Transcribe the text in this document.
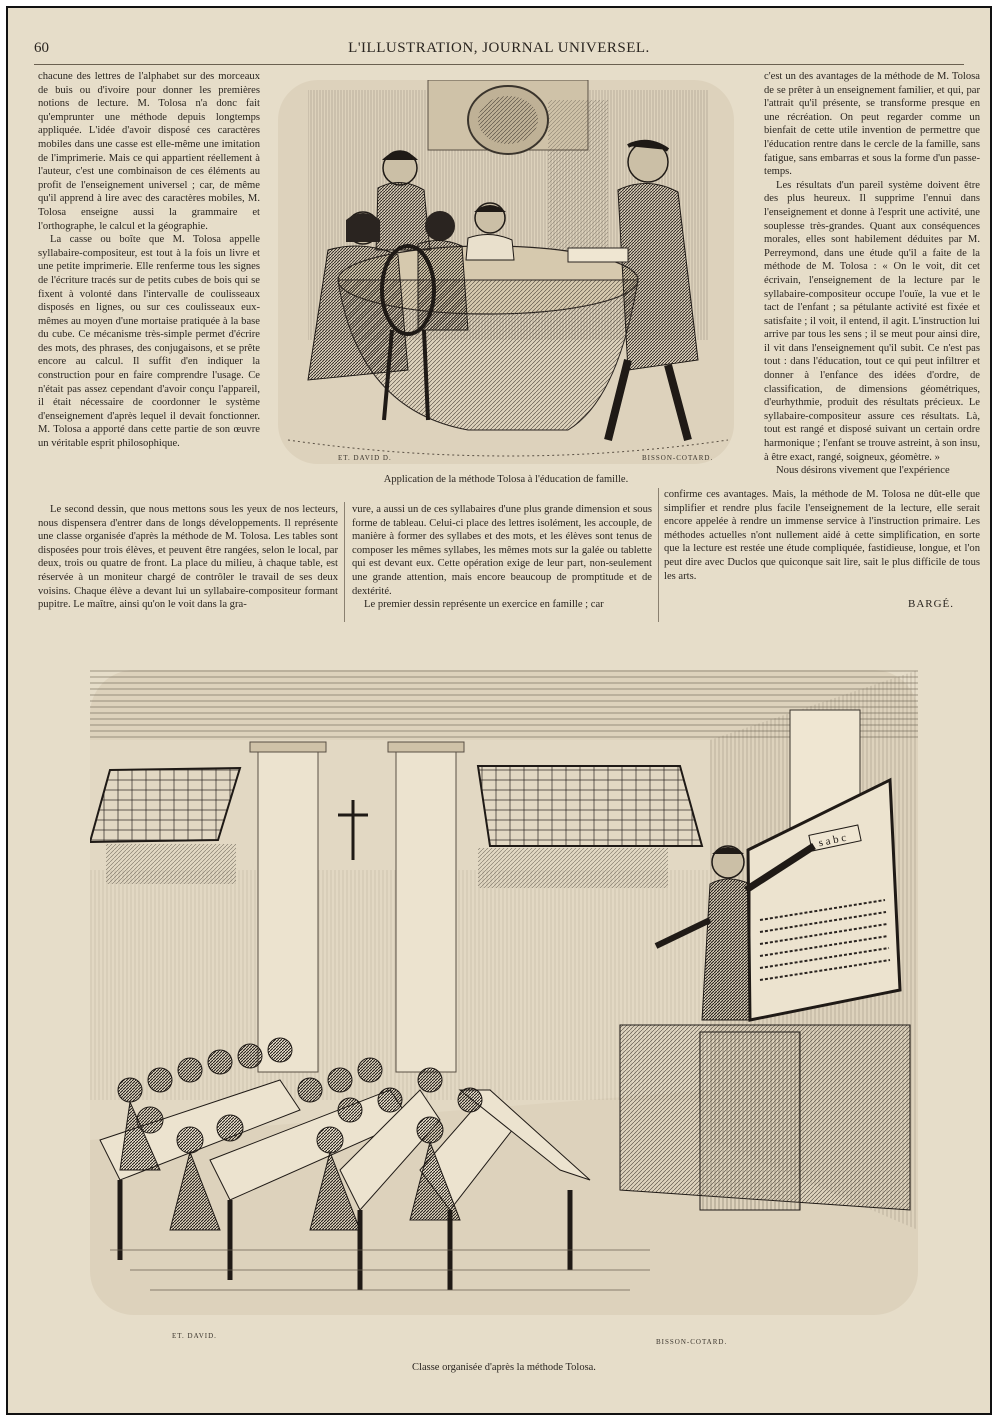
60	L'ILLUSTRATION, JOURNAL UNIVERSEL.

chacune des lettres de l'alphabet sur des morceaux de buis ou d'ivoire pour donner les premières notions de lecture. M. Tolosa n'a donc fait qu'emprunter une méthode depuis longtemps appliquée. L'idée d'avoir disposé ces caractères mobiles dans une casse est elle-même une imitation de l'imprimerie. Mais ce qui appartient réellement à l'auteur, c'est une combinaison de ces éléments au profit de l'enseignement universel ; car, de même qu'il apprend à lire avec des caractères mobiles, M. Tolosa enseigne aussi la grammaire et l'orthographe, le calcul et la géographie.

La casse ou boîte que M. Tolosa appelle syllabaire-compositeur, est tout à la fois un livre et une petite imprimerie. Elle renferme tous les signes de l'écriture tracés sur de petits cubes de bois qui se fixent à volonté dans l'intervalle de coulisseaux disposés en lignes, ou sur ces coulisseaux eux-mêmes au moyen d'une mortaise pratiquée à la base du cube. Ce mécanisme très-simple permet d'écrire des mots, des phrases, des conjugaisons, et se prête encore au calcul. Il suffit d'en indiquer la construction pour en faire comprendre l'usage. Ce n'était pas assez cependant d'avoir conçu l'appareil, il était nécessaire de coordonner le système d'enseignement d'après lequel il devait fonctionner. M. Tolosa a apporté dans cette partie de son œuvre un véritable esprit philosophique.

ET. DAVID D.	BISSON-COTARD.
Application de la méthode Tolosa à l'éducation de famille.

c'est un des avantages de la méthode de M. Tolosa de se prêter à un enseignement familier, et qui, par l'attrait qu'il présente, se transforme presque en une récréation. On peut regarder comme un bienfait de cette utile invention de permettre que l'éducation rentre dans le cercle de la famille, sans fatigue, sans embarras et sous la forme d'un passe-temps.

Les résultats d'un pareil système doivent être des plus heureux. Il supprime l'ennui dans l'enseignement et donne à l'esprit une activité, une souplesse très-grandes. Quant aux conséquences morales, elles sont habilement déduites par M. Perreymond, dans une étude qu'il a faite de la méthode de M. Tolosa : « On le voit, dit cet écrivain, l'enseignement de la lecture par le syllabaire-compositeur occupe l'ouïe, la vue et le tact de l'enfant ; sa pétulante activité est fixée et satisfaite ; il voit, il entend, il agit. L'instruction lui arrive par tous les sens ; il se meut pour ainsi dire, il vit dans l'enseignement qu'il subit. Ce n'est pas tout : dans l'éducation, tout ce qui peut infiltrer et donner à l'enfance des idées d'ordre, de classification, de dimensions géométriques, d'eurhythmie, produit des résultats précieux. Le syllabaire-compositeur assure ces résultats. Là, tout est rangé et disposé suivant un certain ordre harmonique ; l'enfant se trouve astreint, à son insu, à être exact, rangé, soigneux, géomètre. »

Nous désirons vivement que l'expérience

Le second dessin, que nous mettons sous les yeux de nos lecteurs, nous dispensera d'entrer dans de longs développements. Il représente une classe organisée d'après la méthode de M. Tolosa. Les tables sont disposées pour trois élèves, et peuvent être rangées, selon le local, par deux, trois ou quatre de front. La place du milieu, à chaque table, est réservée à un moniteur chargé de contrôler le travail de ses deux voisins. Chaque élève a devant lui un syllabaire-compositeur formant pupitre. Le maître, ainsi qu'on le voit dans la gra-

vure, a aussi un de ces syllabaires d'une plus grande dimension et sous forme de tableau. Celui-ci place des lettres isolément, les accouple, de manière à former des syllabes et des mots, et les élèves sont tenus de composer les mêmes syllabes, les mêmes mots sur la galée ou tablette qui est devant eux. Cette opération exige de leur part, non-seulement une grande attention, mais encore beaucoup de promptitude et de dextérité.

Le premier dessin représente un exercice en famille ; car

confirme ces avantages. Mais, la méthode de M. Tolosa ne dût-elle que simplifier et rendre plus facile l'enseignement de la lecture, elle serait encore appelée à rendre un immense service à l'instruction primaire. Les méthodes actuelles n'ont nullement aidé à cette simplification, en sorte que la lecture est restée une étude compliquée, fastidieuse, longue, et l'on peut dire avec Duclos que quiconque sait lire, sait le plus difficile de tous les arts.

BARGÉ.
s a b c
ET. DAVID.
BISSON-COTARD.
Classe organisée d'après la méthode Tolosa.
